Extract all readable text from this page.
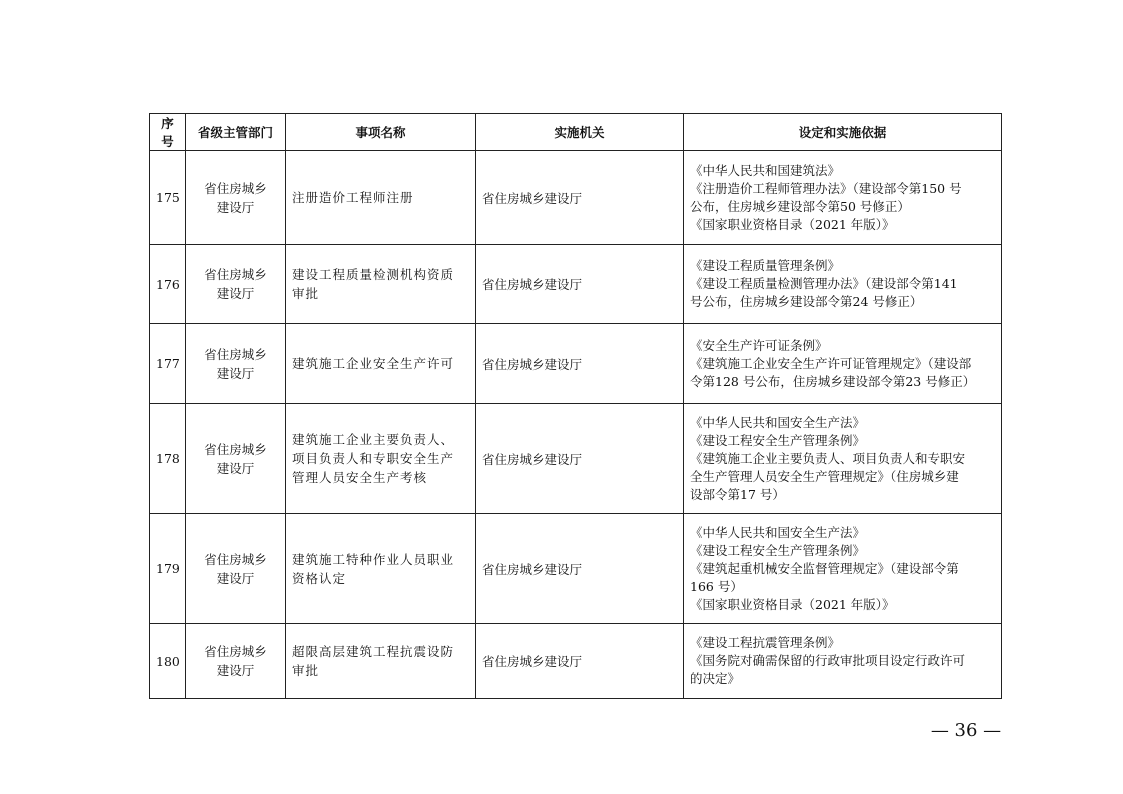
序号	省级主管部门	事项名称	实施机关	设定和实施依据
175	省住房城乡
建设厅	注册造价工程师注册	省住房城乡建设厅	《中华人民共和国建筑法》
《注册造价工程师管理办法》（建设部令第150 号
公布，住房城乡建设部令第50 号修正）
《国家职业资格目录（2021 年版）》

176	省住房城乡
建设厅	建设工程质量检测机构资质
审批	省住房城乡建设厅	《建设工程质量管理条例》
《建设工程质量检测管理办法》（建设部令第141
号公布，住房城乡建设部令第24 号修正）

177	省住房城乡
建设厅	建筑施工企业安全生产许可	省住房城乡建设厅	《安全生产许可证条例》
《建筑施工企业安全生产许可证管理规定》（建设部
令第128 号公布，住房城乡建设部令第23 号修正）

178	省住房城乡
建设厅	建筑施工企业主要负责人、
项目负责人和专职安全生产
管理人员安全生产考核	省住房城乡建设厅	《中华人民共和国安全生产法》
《建设工程安全生产管理条例》
《建筑施工企业主要负责人、项目负责人和专职安
全生产管理人员安全生产管理规定》（住房城乡建
设部令第17 号）

179	省住房城乡
建设厅	建筑施工特种作业人员职业
资格认定	省住房城乡建设厅	《中华人民共和国安全生产法》
《建设工程安全生产管理条例》
《建筑起重机械安全监督管理规定》（建设部令第
166 号）
《国家职业资格目录（2021 年版）》

180	省住房城乡
建设厅	超限高层建筑工程抗震设防
审批	省住房城乡建设厅	《建设工程抗震管理条例》
《国务院对确需保留的行政审批项目设定行政许可
的决定》
— 36 —
